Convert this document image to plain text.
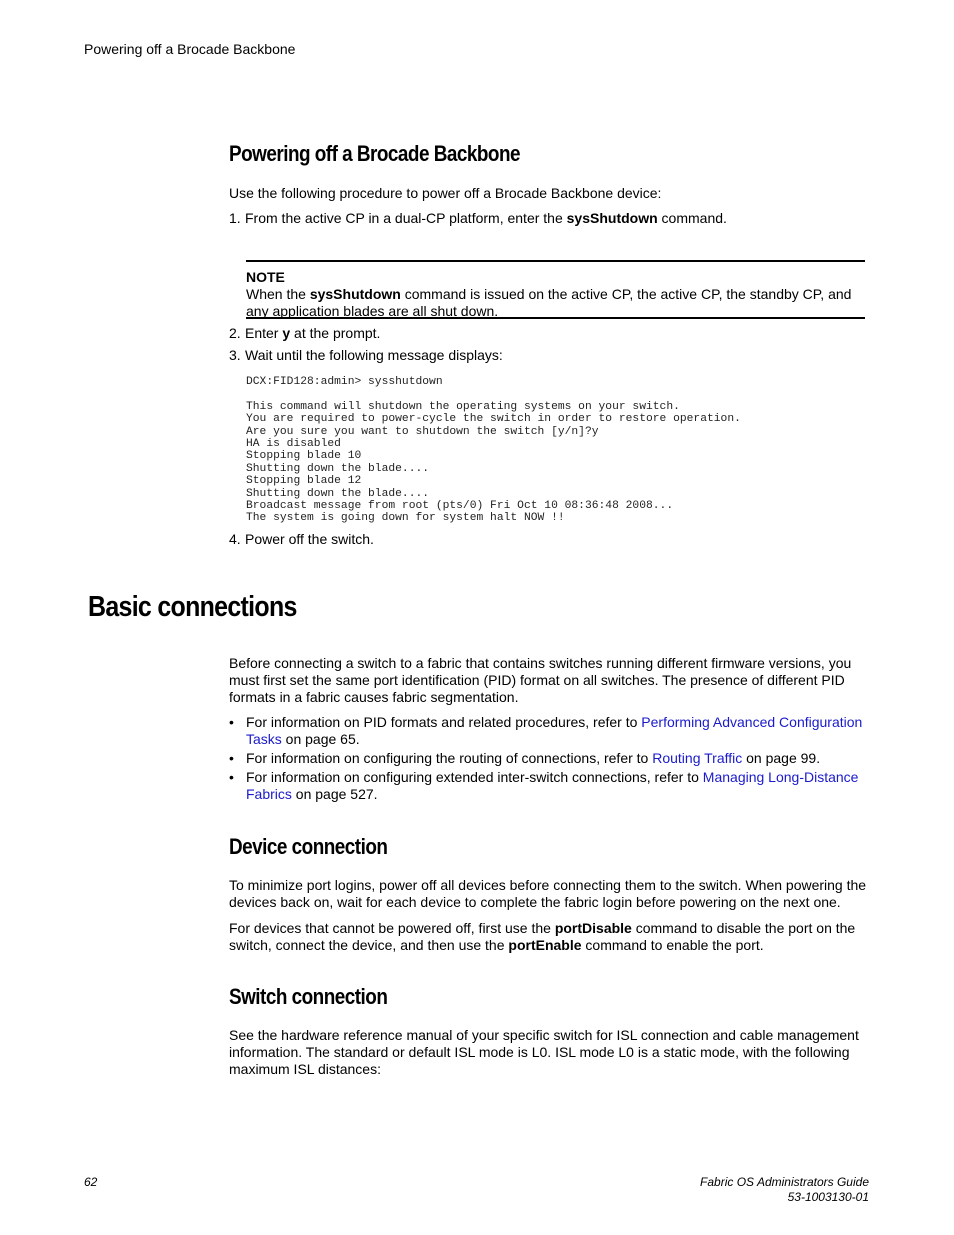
Powering off a Brocade Backbone
Powering off a Brocade Backbone
Use the following procedure to power off a Brocade Backbone device:
1. From the active CP in a dual-CP platform, enter the sysShutdown command.
NOTE
When the sysShutdown command is issued on the active CP, the active CP, the standby CP, and any application blades are all shut down.
2. Enter y at the prompt.
3. Wait until the following message displays:
DCX:FID128:admin> sysshutdown

This command will shutdown the operating systems on your switch.
You are required to power-cycle the switch in order to restore operation.
Are you sure you want to shutdown the switch [y/n]?y
HA is disabled
Stopping blade 10
Shutting down the blade....
Stopping blade 12
Shutting down the blade....
Broadcast message from root (pts/0) Fri Oct 10 08:36:48 2008...
The system is going down for system halt NOW !!
4. Power off the switch.
Basic connections
Before connecting a switch to a fabric that contains switches running different firmware versions, you must first set the same port identification (PID) format on all switches. The presence of different PID formats in a fabric causes fabric segmentation.
• For information on PID formats and related procedures, refer to Performing Advanced Configuration Tasks on page 65.
• For information on configuring the routing of connections, refer to Routing Traffic on page 99.
• For information on configuring extended inter-switch connections, refer to Managing Long-Distance Fabrics on page 527.
Device connection
To minimize port logins, power off all devices before connecting them to the switch. When powering the devices back on, wait for each device to complete the fabric login before powering on the next one.
For devices that cannot be powered off, first use the portDisable command to disable the port on the switch, connect the device, and then use the portEnable command to enable the port.
Switch connection
See the hardware reference manual of your specific switch for ISL connection and cable management information. The standard or default ISL mode is L0. ISL mode L0 is a static mode, with the following maximum ISL distances:
62	Fabric OS Administrators Guide
53-1003130-01
